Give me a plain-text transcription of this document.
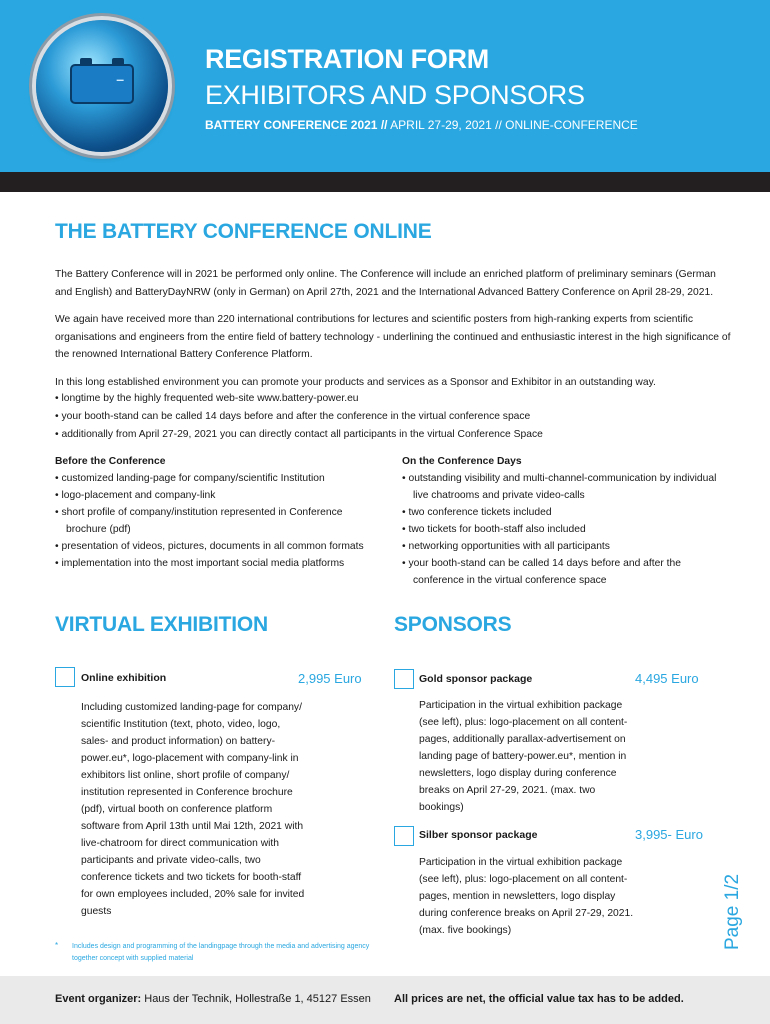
–
REGISTRATION FORM
EXHIBITORS AND SPONSORS
BATTERY CONFERENCE 2021 // APRIL 27-29, 2021 // ONLINE-CONFERENCE
THE BATTERY CONFERENCE ONLINE

The Battery Conference will in 2021 be performed only online. The Conference will include an enriched platform of preliminary seminars (German and English) and BatteryDayNRW (only in German) on April 27th, 2021 and the International Advanced Battery Conference on April 28-29, 2021.

We again have received more than 220 international contributions for lectures and scientific posters from high-ranking experts from scientific organisations and engineers from the entire field of battery technology - underlining the continued and enthusiastic interest in the high significance of the renowned International Battery Conference Platform.

In this long established environment you can promote your products and services as a Sponsor and Exhibitor in an outstanding way.

• longtime by the highly frequented web-site www.battery-power.eu
• your booth-stand can be called 14 days before and after the conference in the virtual conference space
• additionally from April 27-29, 2021 you can directly contact all participants in the virtual Conference Space
Before the Conference
• customized landing-page for company/scientific Institution
• logo-placement and company-link
• short profile of company/institution represented in Conference brochure (pdf)
• presentation of videos, pictures, documents in all common formats
• implementation into the most important social media platforms
On the Conference Days
• outstanding visibility and multi-channel-communication by individual live chatrooms and private video-calls
• two conference tickets included
• two tickets for booth-staff also included
• networking opportunities with all participants
• your booth-stand can be called 14 days before and after the conference in the virtual conference space
VIRTUAL EXHIBITION	SPONSORS
Online exhibition	2,995 Euro

Including customized landing-page for company/ scientific Institution (text, photo, video, logo, sales- and product information) on battery-power.eu*, logo-placement with company-link in exhibitors list online, short profile of company/ institution represented in Conference brochure (pdf), virtual booth on conference platform software from April 13th until Mai 12th, 2021 with live-chatroom for direct communication with participants and private video-calls, two conference tickets and two tickets for booth-staff for own employees included, 20% sale for invited guests

Gold sponsor package	4,495 Euro

Participation in the virtual exhibition package (see left), plus: logo-placement on all content-pages, additionally parallax-advertisement on landing page of battery-power.eu*, mention in newsletters, logo display during conference breaks on April 27-29, 2021. (max. two bookings)

Silber sponsor package	3,995- Euro

Participation in the virtual exhibition package (see left), plus: logo-placement on all content-pages, mention in newsletters, logo display during conference breaks on April 27-29, 2021. (max. five bookings)

* Includes design and programming of the landingpage through the media and advertising agency together concept with supplied material
Page 1/2
Event organizer: Haus der Technik, Hollestraße 1, 45127 Essen All prices are net, the official value tax has to be added.
